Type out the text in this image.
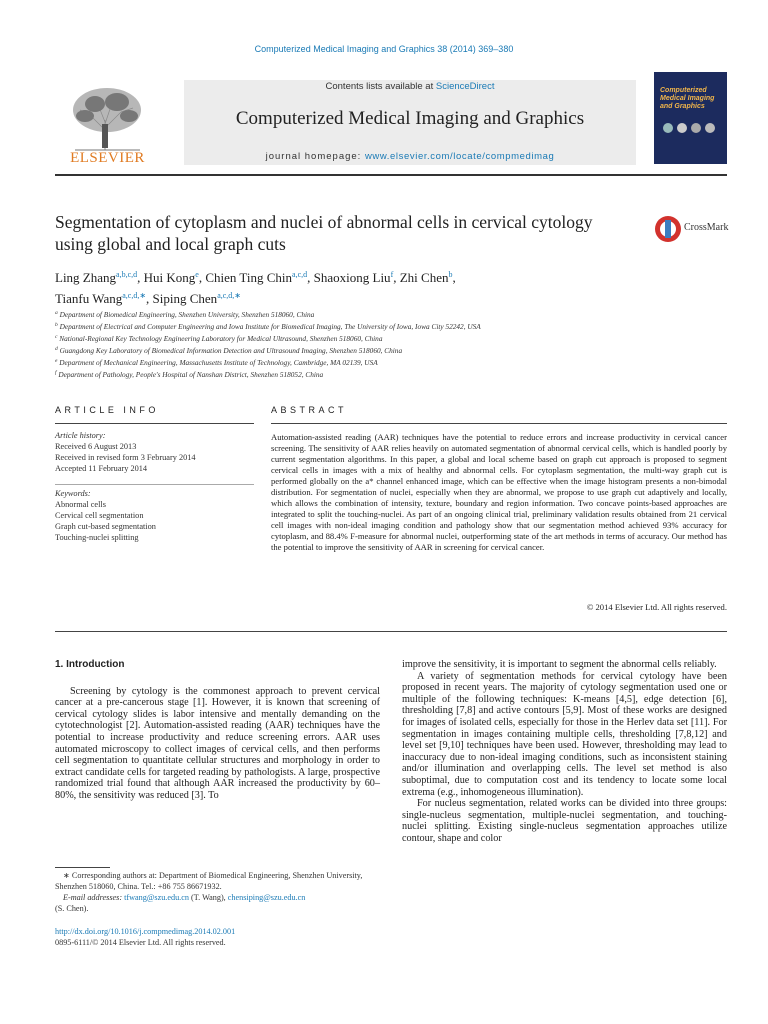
Computerized Medical Imaging and Graphics 38 (2014) 369–380
Contents lists available at ScienceDirect
Computerized Medical Imaging and Graphics
journal homepage: www.elsevier.com/locate/compmedimag
ELSEVIER
Computerized Medical Imaging and Graphics
Segmentation of cytoplasm and nuclei of abnormal cells in cervical cytology using global and local graph cuts
CrossMark
Ling Zhang$^{a,b,c,d}$, Hui Kong$^e$, Chien Ting Chin$^{a,c,d}$, Shaoxiong Liu$^f$, Zhi Chen$^b$,
Tianfu Wang$^{a,c,d,∗}$, Siping Chen$^{a,c,d,∗}$
$^a$ Department of Biomedical Engineering, Shenzhen University, Shenzhen 518060, China
$^b$ Department of Electrical and Computer Engineering and Iowa Institute for Biomedical Imaging, The University of Iowa, Iowa City 52242, USA
$^c$ National-Regional Key Technology Engineering Laboratory for Medical Ultrasound, Shenzhen 518060, China
$^d$ Guangdong Key Laboratory of Biomedical Information Detection and Ultrasound Imaging, Shenzhen 518060, China
$^e$ Department of Mechanical Engineering, Massachusetts Institute of Technology, Cambridge, MA 02139, USA
$^f$ Department of Pathology, People's Hospital of Nanshan District, Shenzhen 518052, China
ARTICLE INFO	ABSTRACT
Article history:
Received 6 August 2013
Received in revised form 3 February 2014
Accepted 11 February 2014
Keywords:
Abnormal cells
Cervical cell segmentation
Graph cut-based segmentation
Touching-nuclei splitting
Automation-assisted reading (AAR) techniques have the potential to reduce errors and increase productivity in cervical cancer screening. The sensitivity of AAR relies heavily on automated segmentation of abnormal cervical cells, which is handled poorly by current segmentation algorithms. In this paper, a global and local scheme based on graph cut approach is proposed to segment cervical cells in images with a mix of healthy and abnormal cells. For cytoplasm segmentation, the multi-way graph cut is performed globally on the a* channel enhanced image, which can be effective when the image histogram presents a non-bimodal distribution. For segmentation of nuclei, especially when they are abnormal, we propose to use graph cut adaptively and locally, which allows the combination of intensity, texture, boundary and region information. Two concave points-based approaches are integrated to split the touching-nuclei. As part of an ongoing clinical trial, preliminary validation results obtained from 21 cervical cell images with non-ideal imaging condition and pathology show that our segmentation method achieved 93% accuracy for cytoplasm, and 88.4% F-measure for abnormal nuclei, outperforming state of the art methods in terms of accuracy. Our method has the potential to improve the sensitivity of AAR in screening for cervical cancer.
© 2014 Elsevier Ltd. All rights reserved.
1. Introduction

Screening by cytology is the commonest approach to prevent cervical cancer at a pre-cancerous stage [1]. However, it is known that screening of cervical cytology slides is labor intensive and mentally demanding on the cytotechnologist [2]. Automation-assisted reading (AAR) techniques have the potential to increase productivity and reduce screening errors. AAR uses automated microscopy to collect images of cervical cells, and then performs cell segmentation to quantitate cellular structures and morphology in order to extract candidate cells for targeted reading by pathologists. A large, prospective randomized trial found that although AAR increased the productivity by 60–80%, the sensitivity was reduced [3]. To

improve the sensitivity, it is important to segment the abnormal cells reliably.

A variety of segmentation methods for cervical cytology have been proposed in recent years. The majority of cytology segmentation used one or multiple of the following techniques: K-means [4,5], edge detection [6], thresholding [7,8] and active contours [5,9]. Most of these works are designed for images of isolated cells, especially for those in the Herlev data set [11]. For segmentation in images containing multiple cells, thresholding [7,8,12] and level set [9,10] techniques have been used. However, thresholding may lead to inaccuracy due to non-ideal imaging conditions, such as inconsistent staining and/or illumination and overlapping cells. The level set method is also suboptimal, due to computation cost and its tendency to locate some local extrema (e.g., inhomogeneous illumination).

For nucleus segmentation, related works can be divided into three groups: single-nucleus segmentation, multiple-nuclei segmentation, and touching-nuclei splitting. Existing single-nucleus segmentation approaches utilize contour, shape and color

∗ Corresponding authors at: Department of Biomedical Engineering, Shenzhen University, Shenzhen 518060, China. Tel.: +86 755 86671932.

E-mail addresses: tfwang@szu.edu.cn (T. Wang), chensiping@szu.edu.cn

(S. Chen).
http://dx.doi.org/10.1016/j.compmedimag.2014.02.001
0895-6111/© 2014 Elsevier Ltd. All rights reserved.
